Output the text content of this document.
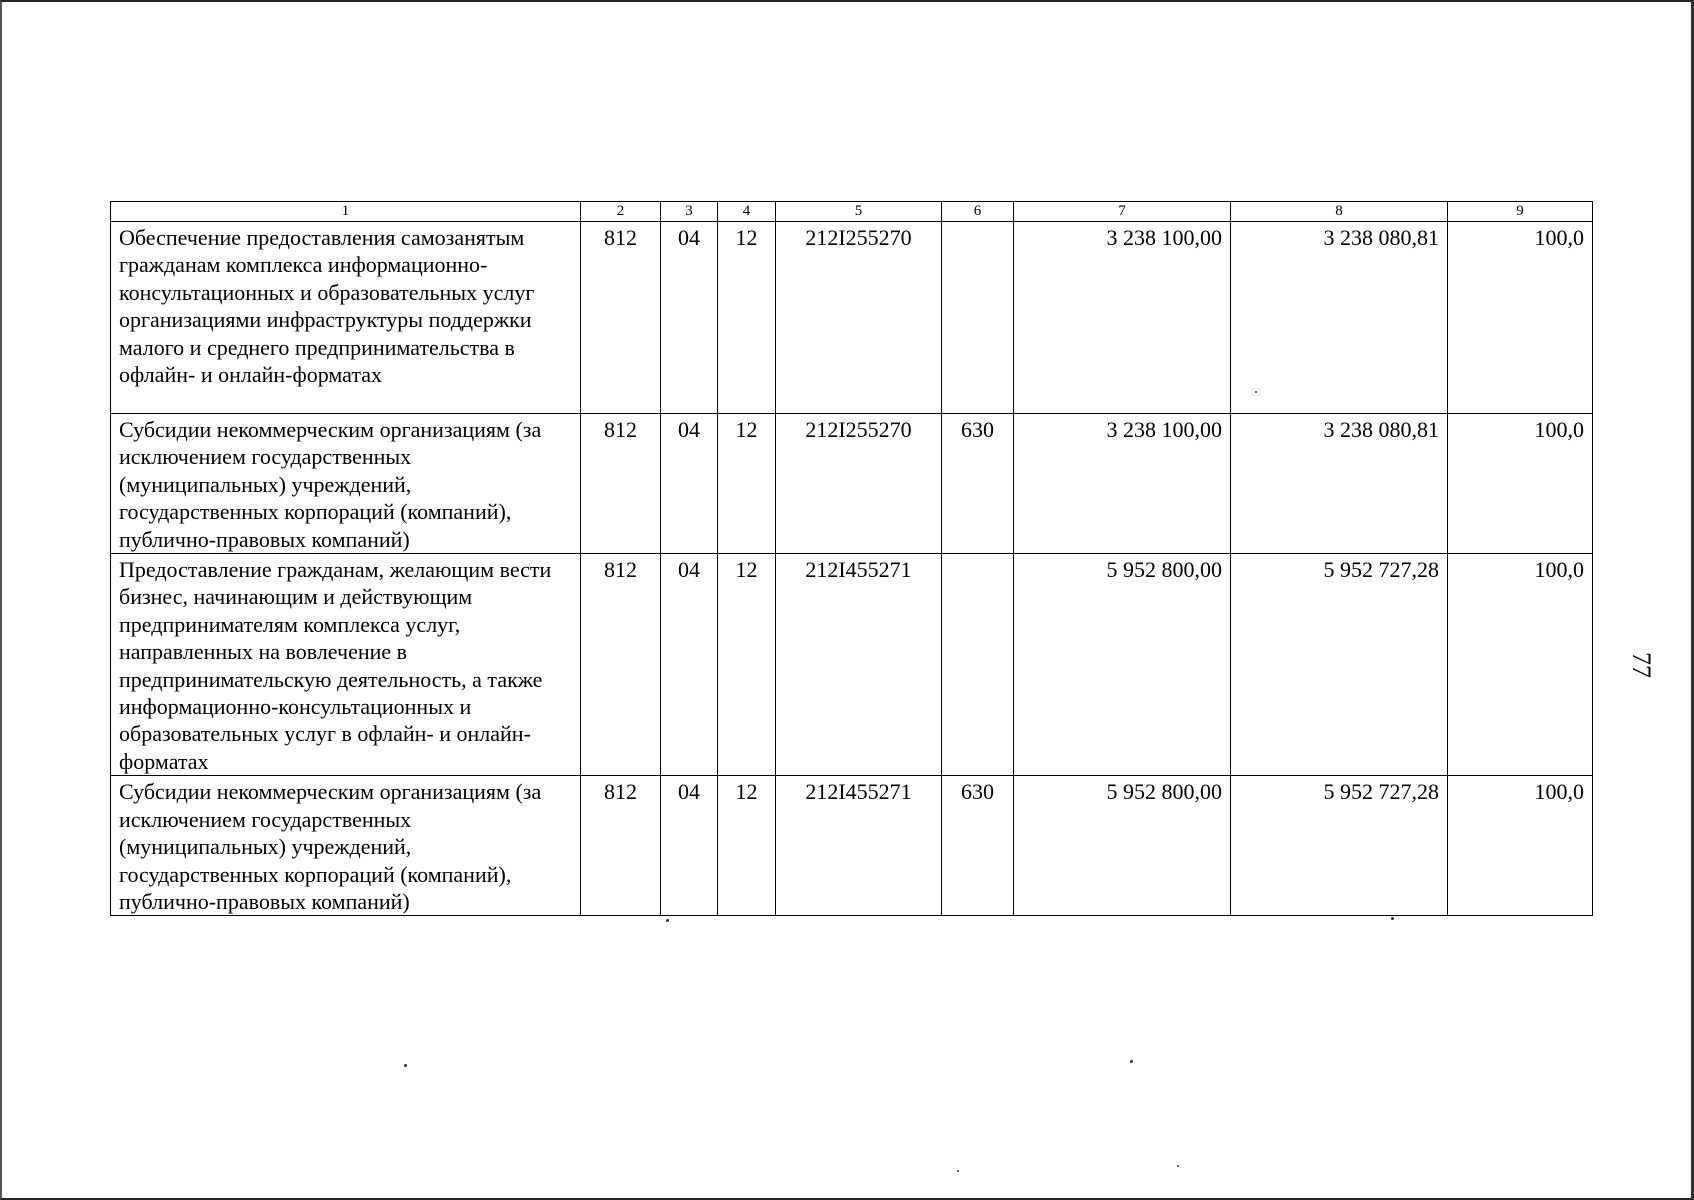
1	2	3	4	5	6	7	8	9
Обеспечение предоставления самозанятым гражданам комплекса информационно-консультационных и образовательных услуг организациями инфраструктуры поддержки малого и среднего предпринимательства в офлайн- и онлайн-форматах	812	04	12	212I255270		3 238 100,00	3 238 080,81	100,0
Субсидии некоммерческим организациям (за исключением государственных (муниципальных) учреждений, государственных корпораций (компаний), публично-правовых компаний)	812	04	12	212I255270	630	3 238 100,00	3 238 080,81	100,0
Предоставление гражданам, желающим вести бизнес, начинающим и действующим предпринимателям комплекса услуг, направленных на вовлечение в предпринимательскую деятельность, а также информационно-консультационных и образовательных услуг в офлайн- и онлайн-форматах	812	04	12	212I455271		5 952 800,00	5 952 727,28	100,0
Субсидии некоммерческим организациям (за исключением государственных (муниципальных) учреждений, государственных корпораций (компаний), публично-правовых компаний)	812	04	12	212I455271	630	5 952 800,00	5 952 727,28	100,0
77
